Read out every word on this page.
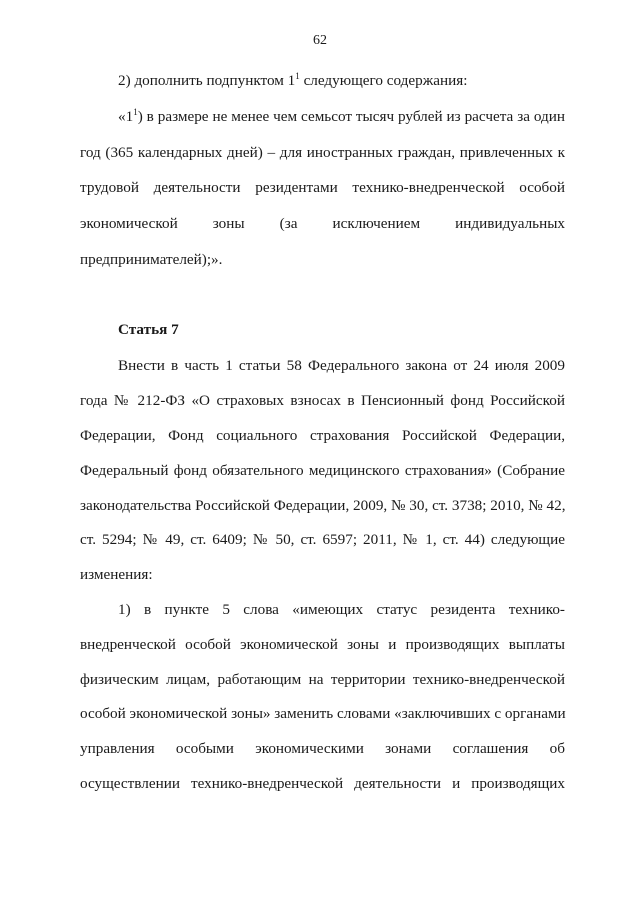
62
2) дополнить подпунктом $1^1$ следующего содержания:
«$1^1$) в размере не менее чем семьсот тысяч рублей из расчета за один
год (365 календарных дней) – для иностранных граждан, привлеченных к
трудовой деятельности резидентами технико-внедренческой особой
экономической зоны (за исключением индивидуальных
предпринимателей);».
Статья 7
Внести в часть 1 статьи 58 Федерального закона от 24 июля 2009
года № 212-ФЗ «О страховых взносах в Пенсионный фонд Российской
Федерации, Фонд социального страхования Российской Федерации,
Федеральный фонд обязательного медицинского страхования» (Собрание
законодательства Российской Федерации, 2009, № 30, ст. 3738; 2010, № 42,
ст. 5294; № 49, ст. 6409; № 50, ст. 6597; 2011, № 1, ст. 44) следующие
изменения:
1) в пункте 5 слова «имеющих статус резидента технико-
внедренческой особой экономической зоны и производящих выплаты
физическим лицам, работающим на территории технико-внедренческой
особой экономической зоны» заменить словами «заключивших с органами
управления особыми экономическими зонами соглашения об
осуществлении технико-внедренческой деятельности и производящих
